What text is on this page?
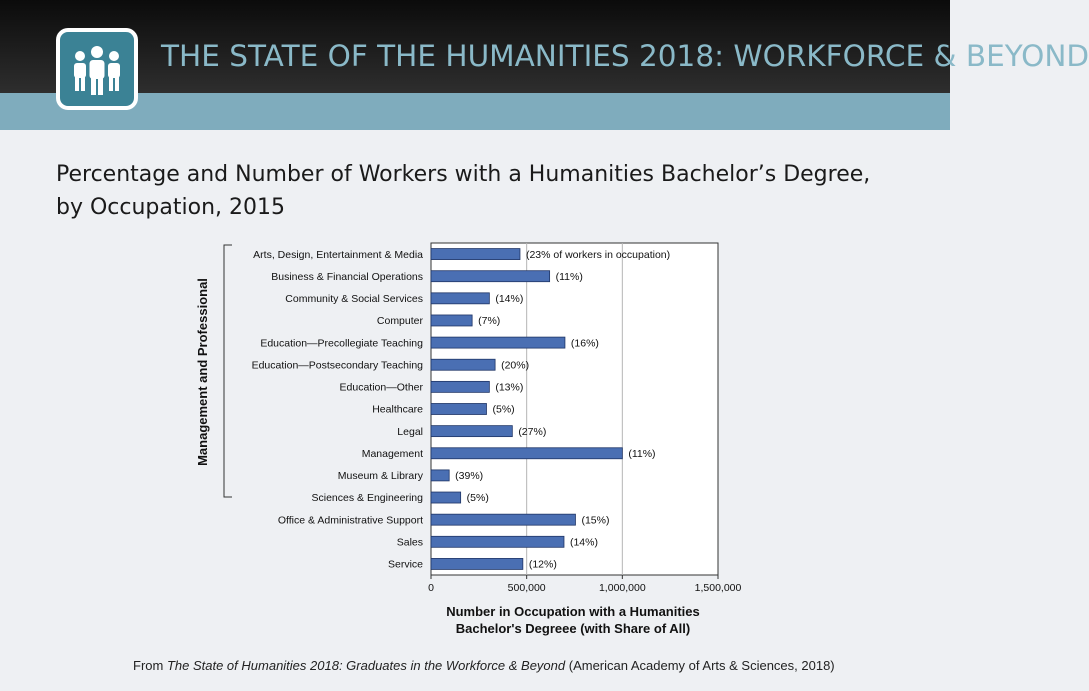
THE STATE OF THE HUMANITIES 2018: WORKFORCE & BEYOND
Percentage and Number of Workers with a Humanities Bachelor’s Degree,
by Occupation, 2015
Arts, Design, Entertainment & Media
Business & Financial Operations
Community & Social Services
Computer
Education—Precollegiate Teaching
Education—Postsecondary Teaching
Education—Other
Healthcare
Legal
Management
Museum & Library
Sciences & Engineering
Office & Administrative Support
Sales
Service
(23% of workers in occupation)
(11%)
(14%)
(7%)
(16%)
(20%)
(13%)
(5%)
(27%)
(11%)
(39%)
(5%)
(15%)
(14%)
(12%)
0	500,000	1,000,000	1,500,000
Management and Professional
Number in Occupation with a Humanities
Bachelor's Degreee (with Share of All)
From The State of Humanities 2018: Graduates in the Workforce & Beyond (American Academy of Arts & Sciences, 2018)
